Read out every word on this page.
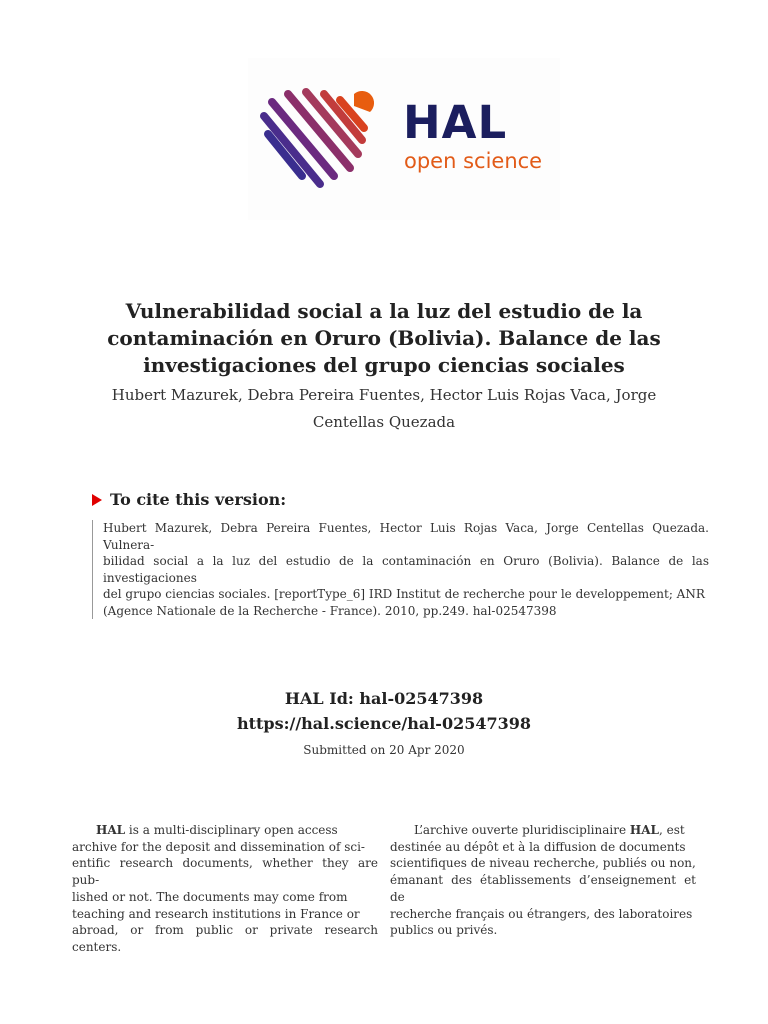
HAL
open science
Vulnerabilidad social a la luz del estudio de la
contaminación en Oruro (Bolivia). Balance de las
investigaciones del grupo ciencias sociales
Hubert Mazurek, Debra Pereira Fuentes, Hector Luis Rojas Vaca, Jorge
Centellas Quezada
To cite this version:
Hubert Mazurek, Debra Pereira Fuentes, Hector Luis Rojas Vaca, Jorge Centellas Quezada. Vulnera-
bilidad social a la luz del estudio de la contaminación en Oruro (Bolivia). Balance de las investigaciones
del grupo ciencias sociales. [reportType_6] IRD Institut de recherche pour le developpement; ANR
(Agence Nationale de la Recherche - France). 2010, pp.249. hal-02547398
HAL Id: hal-02547398
https://hal.science/hal-02547398
Submitted on 20 Apr 2020
HAL is a multi-disciplinary open access
archive for the deposit and dissemination of sci-
entific research documents, whether they are pub-
lished or not. The documents may come from
teaching and research institutions in France or
abroad, or from public or private research centers.
L’archive ouverte pluridisciplinaire HAL, est
destinée au dépôt et à la diffusion de documents
scientifiques de niveau recherche, publiés ou non,
émanant des établissements d’enseignement et de
recherche français ou étrangers, des laboratoires
publics ou privés.
